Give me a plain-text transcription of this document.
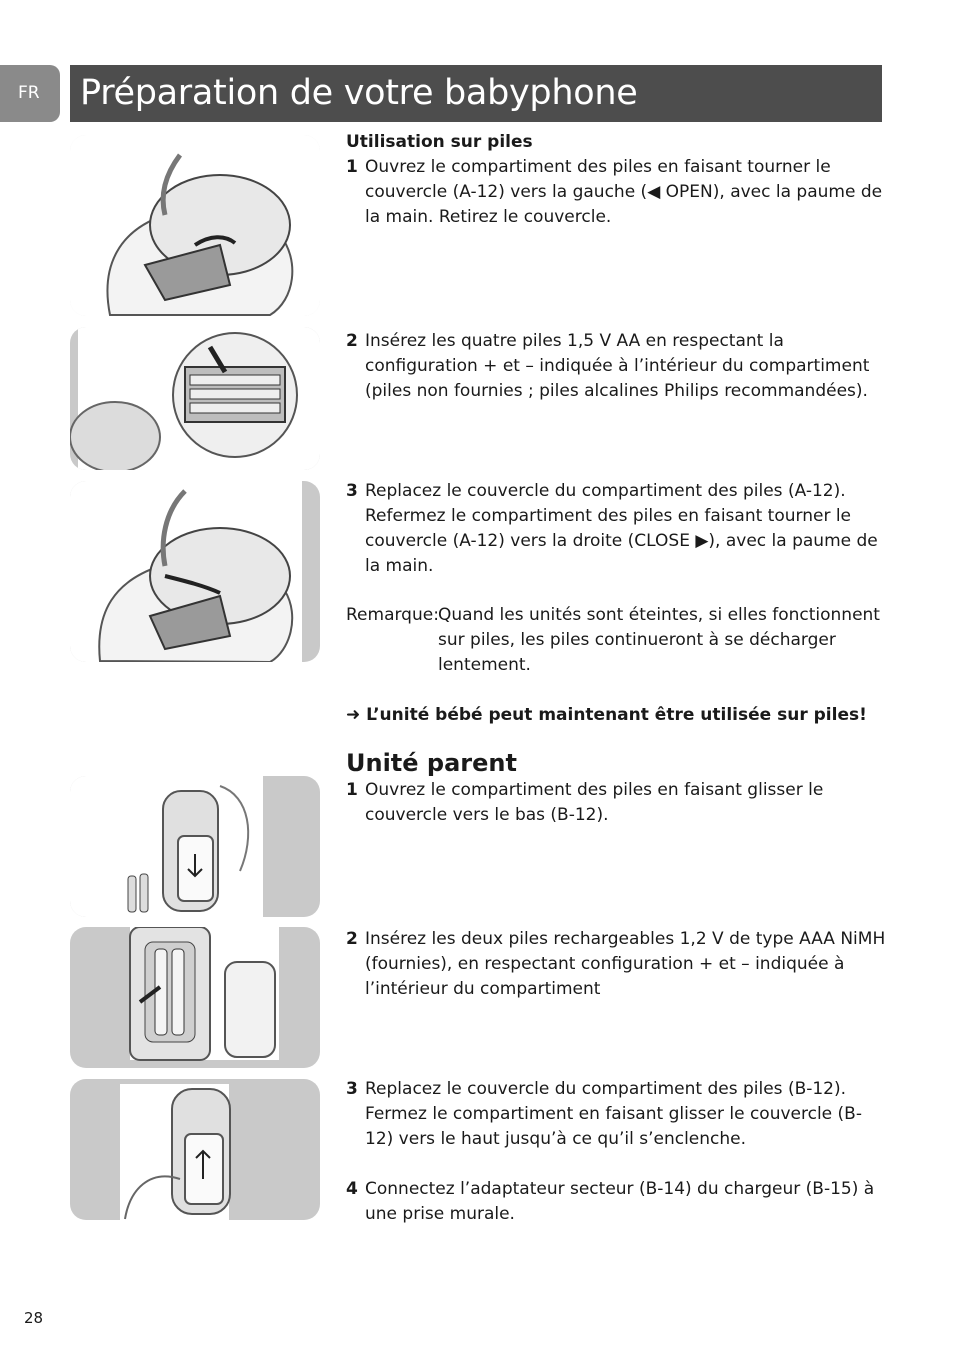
FR	Préparation de votre babyphone
Utilisation sur piles
1 Ouvrez le compartiment des piles en faisant tourner le couvercle (A-12) vers la gauche (◀ OPEN), avec la paume de la main. Retirez le couvercle.
2 Insérez les quatre piles 1,5 V AA en respectant la configuration + et – indiquée à l’intérieur du compartiment (piles non fournies ; piles alcalines Philips recommandées).
3 Replacez le couvercle du compartiment des piles (A-12). Refermez le compartiment des piles en faisant tourner le couvercle (A-12) vers la droite (CLOSE ▶), avec la paume de la main.
Remarque: Quand les unités sont éteintes, si elles fonctionnent sur piles, les piles continueront à se décharger lentement.
➜ L’unité bébé peut maintenant être utilisée sur piles!
Unité parent
1 Ouvrez le compartiment des piles en faisant glisser le couvercle vers le bas (B-12).
2 Insérez les deux piles rechargeables 1,2 V de type AAA NiMH (fournies), en respectant configuration + et – indiquée à l’intérieur du compartiment
3 Replacez le couvercle du compartiment des piles (B-12). Fermez le compartiment en faisant glisser le couvercle (B-12) vers le haut jusqu’à ce qu’il s’enclenche.
4 Connectez l’adaptateur secteur (B-14) du chargeur (B-15) à une prise murale.
28
